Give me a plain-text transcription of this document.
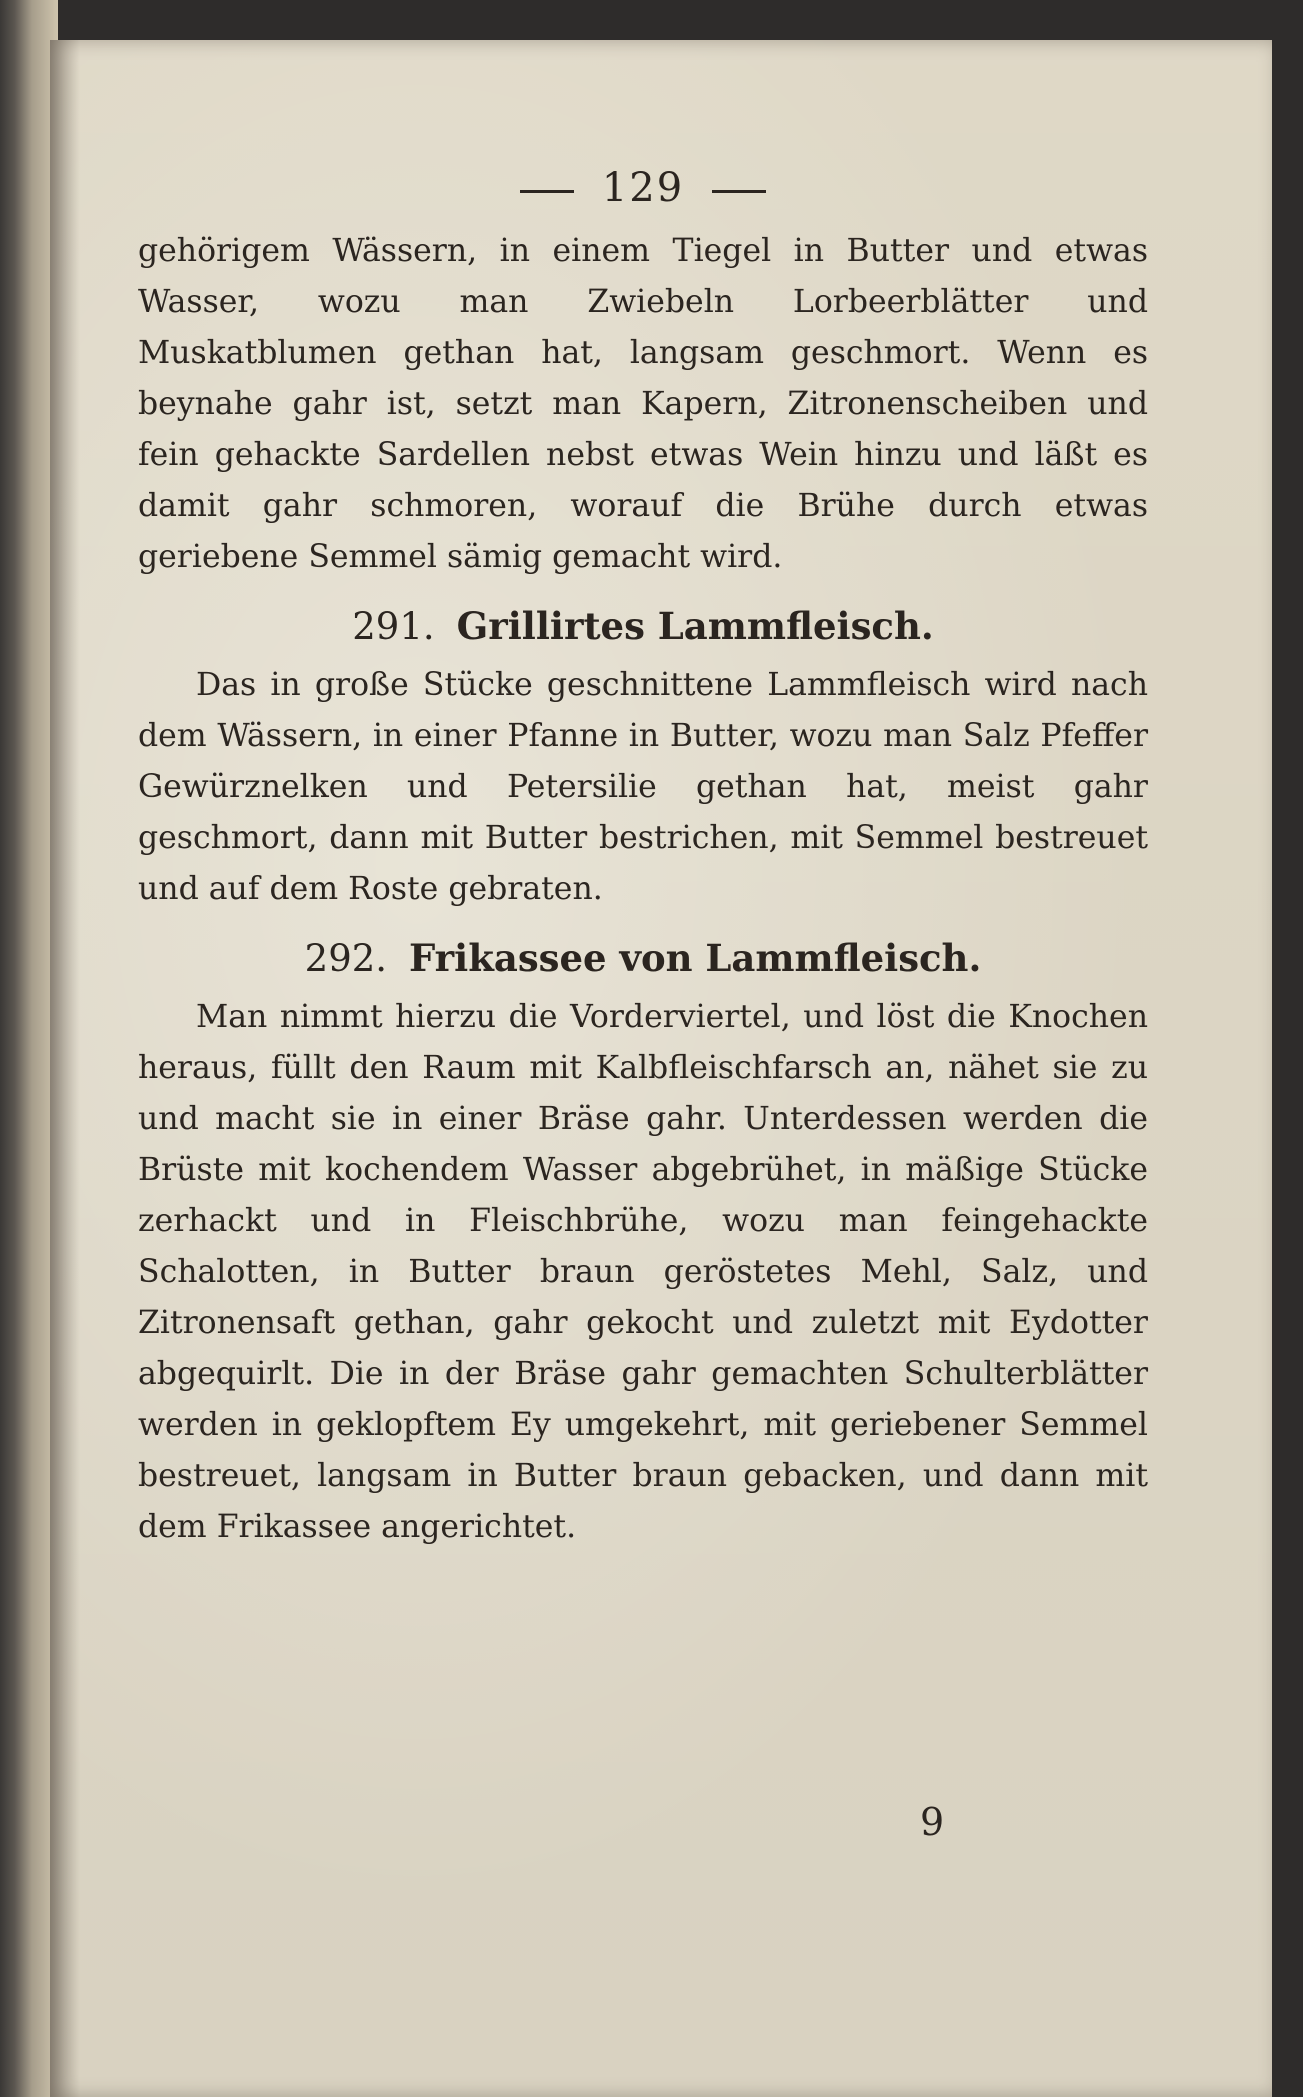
129

gehörigem Wässern, in einem Tiegel in Butter und etwas Wasser, wozu man Zwiebeln Lorbeerblätter und Muskatblumen gethan hat, langsam geschmort. Wenn es beynahe gahr ist, setzt man Kapern, Zitronenscheiben und fein gehackte Sardellen nebst etwas Wein hinzu und läßt es damit gahr schmoren, worauf die Brühe durch etwas geriebene Semmel sämig gemacht wird.

291. Grillirtes Lammfleisch.

Das in große Stücke geschnittene Lammfleisch wird nach dem Wässern, in einer Pfanne in Butter, wozu man Salz Pfeffer Gewürznelken und Petersilie gethan hat, meist gahr geschmort, dann mit Butter bestrichen, mit Semmel bestreuet und auf dem Roste gebraten.

292. Frikassee von Lammfleisch.

Man nimmt hierzu die Vorderviertel, und löst die Knochen heraus, füllt den Raum mit Kalbfleischfarsch an, nähet sie zu und macht sie in einer Bräse gahr. Unterdessen werden die Brüste mit kochendem Wasser abgebrühet, in mäßige Stücke zerhackt und in Fleischbrühe, wozu man feingehackte Schalotten, in Butter braun geröstetes Mehl, Salz, und Zitronensaft gethan, gahr gekocht und zuletzt mit Eydotter abgequirlt. Die in der Bräse gahr gemachten Schulterblätter werden in geklopftem Ey umgekehrt, mit geriebener Semmel bestreuet, langsam in Butter braun gebacken, und dann mit dem Frikassee angerichtet.

9
